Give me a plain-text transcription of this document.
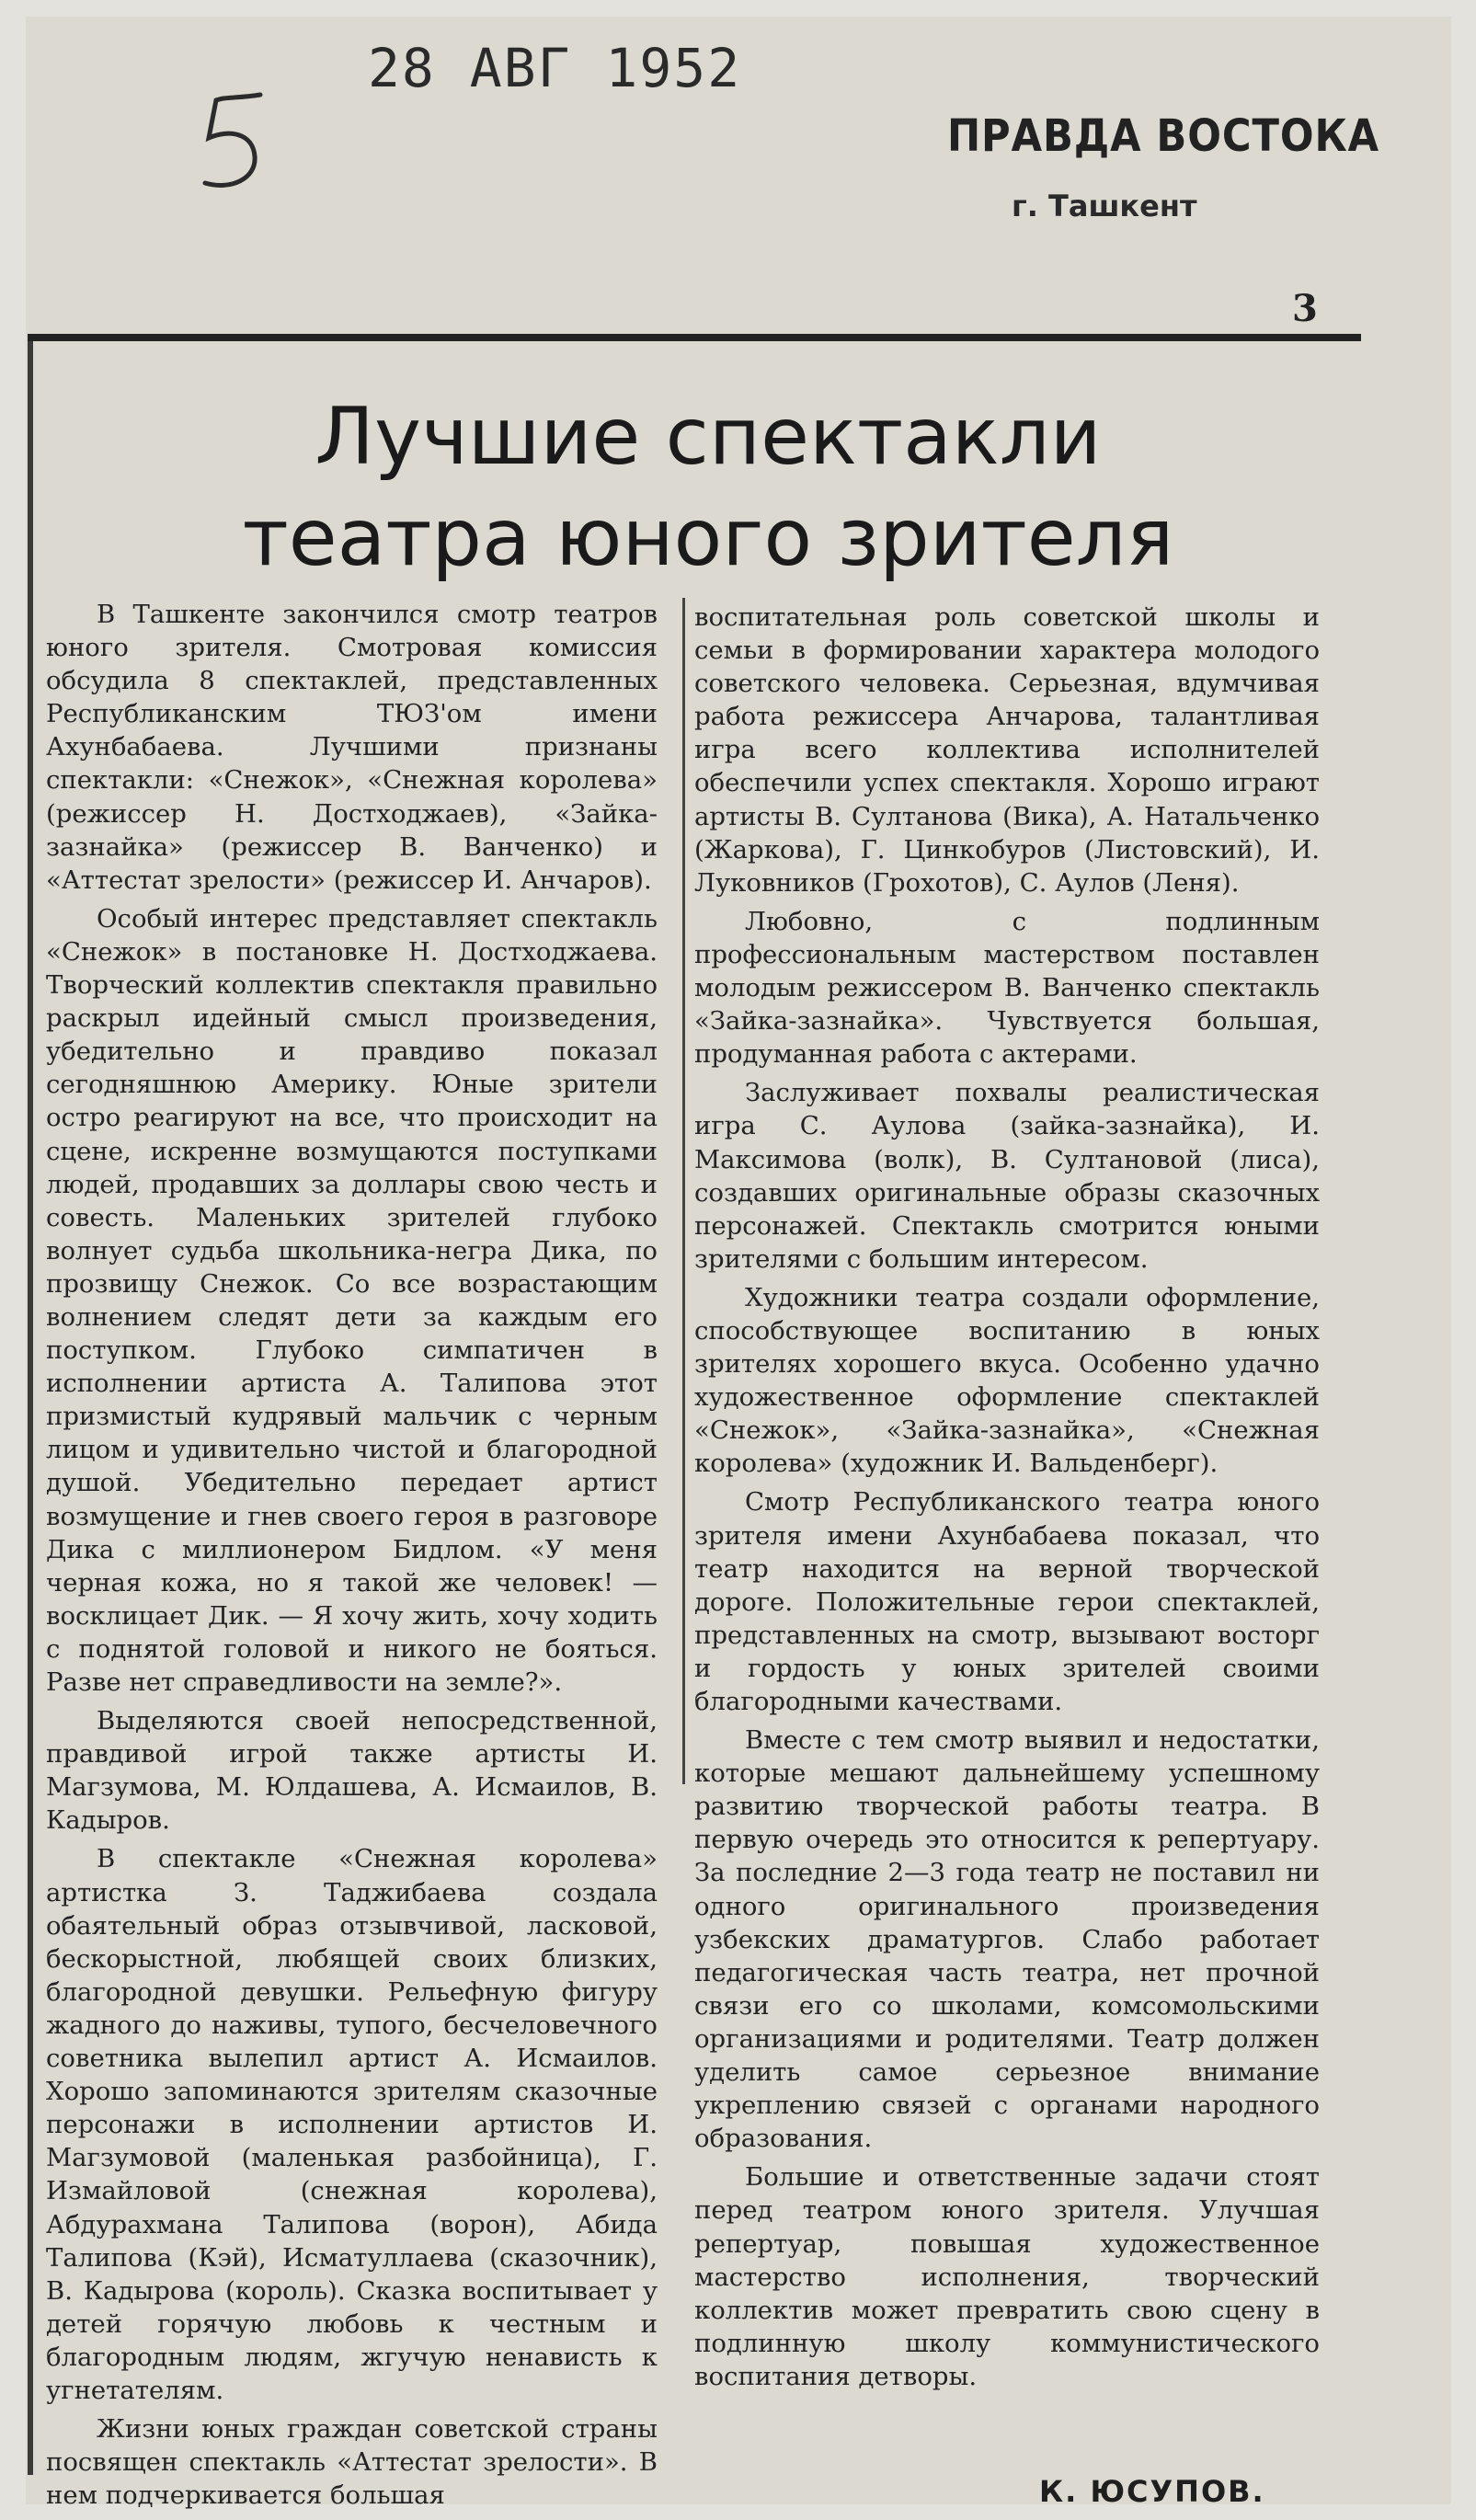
28 АВГ 1952
ПРАВДА ВОСТОКА
г. Ташкент
3
Лучшие спектакли
театра юного зрителя

В Ташкенте закончился смотр театров юного зрителя. Смотровая комиссия обсудила 8 спектаклей, представленных Республиканским ТЮЗ'ом имени Ахунбабаева. Лучшими признаны спектакли: «Снежок», «Снежная королева» (режиссер Н. Достходжаев), «Зайка-зазнайка» (режиссер В. Ванченко) и «Аттестат зрелости» (режиссер И. Анчаров).

Особый интерес представляет спектакль «Снежок» в постановке Н. Достходжаева. Творческий коллектив спектакля правильно раскрыл идейный смысл произведения, убедительно и правдиво показал сегодняшнюю Америку. Юные зрители остро реагируют на все, что происходит на сцене, искренне возмущаются поступками людей, продавших за доллары свою честь и совесть. Маленьких зрителей глубоко волнует судьба школьника-негра Дика, по прозвищу Снежок. Со все возрастающим волнением следят дети за каждым его поступком. Глубоко симпатичен в исполнении артиста А. Талипова этот призмистый кудрявый мальчик с черным лицом и удивительно чистой и благородной душой. Убедительно передает артист возмущение и гнев своего героя в разговоре Дика с миллионером Бидлом. «У меня черная кожа, но я такой же человек! — восклицает Дик. — Я хочу жить, хочу ходить с поднятой головой и никого не бояться. Разве нет справедливости на земле?».

Выделяются своей непосредственной, правдивой игрой также артисты И. Магзумова, М. Юлдашева, А. Исмаилов, В. Кадыров.

В спектакле «Снежная королева» артистка З. Таджибаева создала обаятельный образ отзывчивой, ласковой, бескорыстной, любящей своих близких, благородной девушки. Рельефную фигуру жадного до наживы, тупого, бесчеловечного советника вылепил артист А. Исмаилов. Хорошо запоминаются зрителям сказочные персонажи в исполнении артистов И. Магзумовой (маленькая разбойница), Г. Измайловой (снежная королева), Абдурахмана Талипова (ворон), Абида Талипова (Кэй), Исматуллаева (сказочник), В. Кадырова (король). Сказка воспитывает у детей горячую любовь к честным и благородным людям, жгучую ненависть к угнетателям.

Жизни юных граждан советской страны посвящен спектакль «Аттестат зрелости». В нем подчеркивается большая

воспитательная роль советской школы и семьи в формировании характера молодого советского человека. Серьезная, вдумчивая работа режиссера Анчарова, талантливая игра всего коллектива исполнителей обеспечили успех спектакля. Хорошо играют артисты В. Султанова (Вика), А. Натальченко (Жаркова), Г. Цинкобуров (Листовский), И. Луковников (Грохотов), С. Аулов (Леня).

Любовно, с подлинным профессиональным мастерством поставлен молодым режиссером В. Ванченко спектакль «Зайка-зазнайка». Чувствуется большая, продуманная работа с актерами.

Заслуживает похвалы реалистическая игра С. Аулова (зайка-зазнайка), И. Максимова (волк), В. Султановой (лиса), создавших оригинальные образы сказочных персонажей. Спектакль смотрится юными зрителями с большим интересом.

Художники театра создали оформление, способствующее воспитанию в юных зрителях хорошего вкуса. Особенно удачно художественное оформление спектаклей «Снежок», «Зайка-зазнайка», «Снежная королева» (художник И. Вальденберг).

Смотр Республиканского театра юного зрителя имени Ахунбабаева показал, что театр находится на верной творческой дороге. Положительные герои спектаклей, представленных на смотр, вызывают восторг и гордость у юных зрителей своими благородными качествами.

Вместе с тем смотр выявил и недостатки, которые мешают дальнейшему успешному развитию творческой работы театра. В первую очередь это относится к репертуару. За последние 2—3 года театр не поставил ни одного оригинального произведения узбекских драматургов. Слабо работает педагогическая часть театра, нет прочной связи его со школами, комсомольскими организациями и родителями. Театр должен уделить самое серьезное внимание укреплению связей с органами народного образования.

Большие и ответственные задачи стоят перед театром юного зрителя. Улучшая репертуар, повышая художественное мастерство исполнения, творческий коллектив может превратить свою сцену в подлинную школу коммунистического воспитания детворы.

К. ЮСУПОВ.
